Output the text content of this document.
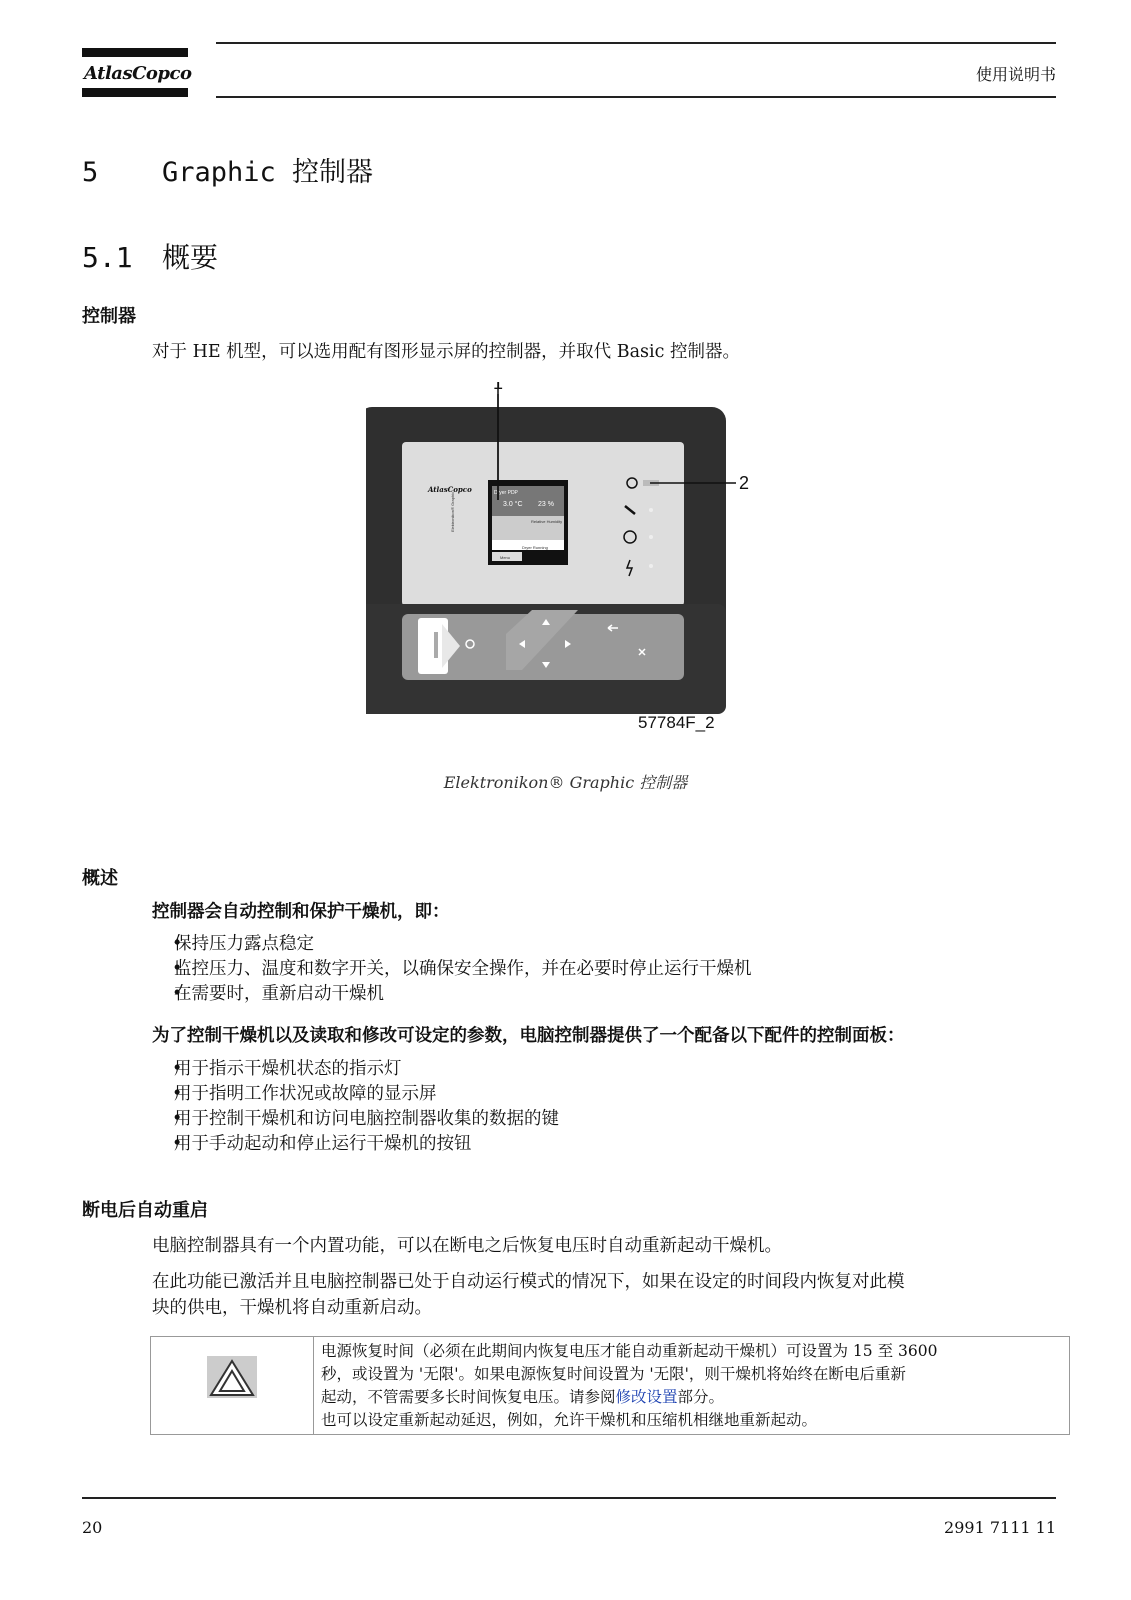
AtlasCopco	使用说明书
5 Graphic 控制器
5.1 概要
控制器
对于 HE 机型，可以选用配有图形显示屏的控制器，并取代 Basic 控制器。
Dryer PDP
3.0 °C 23 %
Relative Humidity
Dryer Running
Menu
AtlasCopco
Elektronikon® Graphic
1
2
57784F_2
Elektronikon® Graphic 控制器
概述
控制器会自动控制和保护干燥机，即：
• 保持压力露点稳定
• 监控压力、温度和数字开关，以确保安全操作，并在必要时停止运行干燥机
• 在需要时，重新启动干燥机
为了控制干燥机以及读取和修改可设定的参数，电脑控制器提供了一个配备以下配件的控制面板：
• 用于指示干燥机状态的指示灯
• 用于指明工作状况或故障的显示屏
• 用于控制干燥机和访问电脑控制器收集的数据的键
• 用于手动起动和停止运行干燥机的按钮
断电后自动重启
电脑控制器具有一个内置功能，可以在断电之后恢复电压时自动重新起动干燥机。
在此功能已激活并且电脑控制器已处于自动运行模式的情况下，如果在设定的时间段内恢复对此模
块的供电，干燥机将自动重新启动。
电源恢复时间（必须在此期间内恢复电压才能自动重新起动干燥机）可设置为 15 至 3600
秒，或设置为 '无限'。如果电源恢复时间设置为 '无限'，则干燥机将始终在断电后重新
起动，不管需要多长时间恢复电压。请参阅修改设置部分。
也可以设定重新起动延迟，例如，允许干燥机和压缩机相继地重新起动。
20	2991 7111 11
